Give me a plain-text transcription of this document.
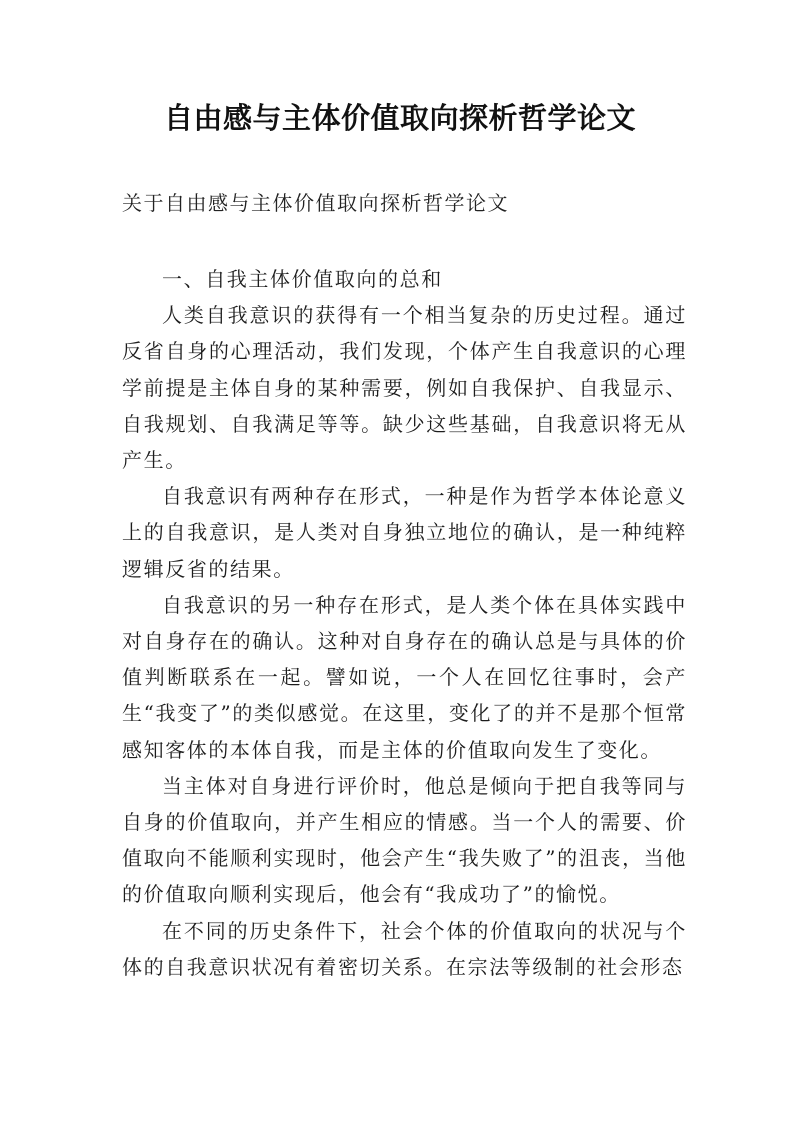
自由感与主体价值取向探析哲学论文
关于自由感与主体价值取向探析哲学论文

一、自我主体价值取向的总和

人类自我意识的获得有一个相当复杂的历史过程。通过反省自身的心理活动，我们发现，个体产生自我意识的心理学前提是主体自身的某种需要，例如自我保护、自我显示、自我规划、自我满足等等。缺少这些基础，自我意识将无从产生。

自我意识有两种存在形式，一种是作为哲学本体论意义上的自我意识，是人类对自身独立地位的确认，是一种纯粹逻辑反省的结果。

自我意识的另一种存在形式，是人类个体在具体实践中对自身存在的确认。这种对自身存在的确认总是与具体的价值判断联系在一起。譬如说，一个人在回忆往事时，会产生“我变了”的类似感觉。在这里，变化了的并不是那个恒常感知客体的本体自我，而是主体的价值取向发生了变化。

当主体对自身进行评价时，他总是倾向于把自我等同与自身的价值取向，并产生相应的情感。当一个人的需要、价值取向不能顺利实现时，他会产生“我失败了”的沮丧，当他的价值取向顺利实现后，他会有“我成功了”的愉悦。

在不同的历史条件下，社会个体的价值取向的状况与个体的自我意识状况有着密切关系。在宗法等级制的社会形态
